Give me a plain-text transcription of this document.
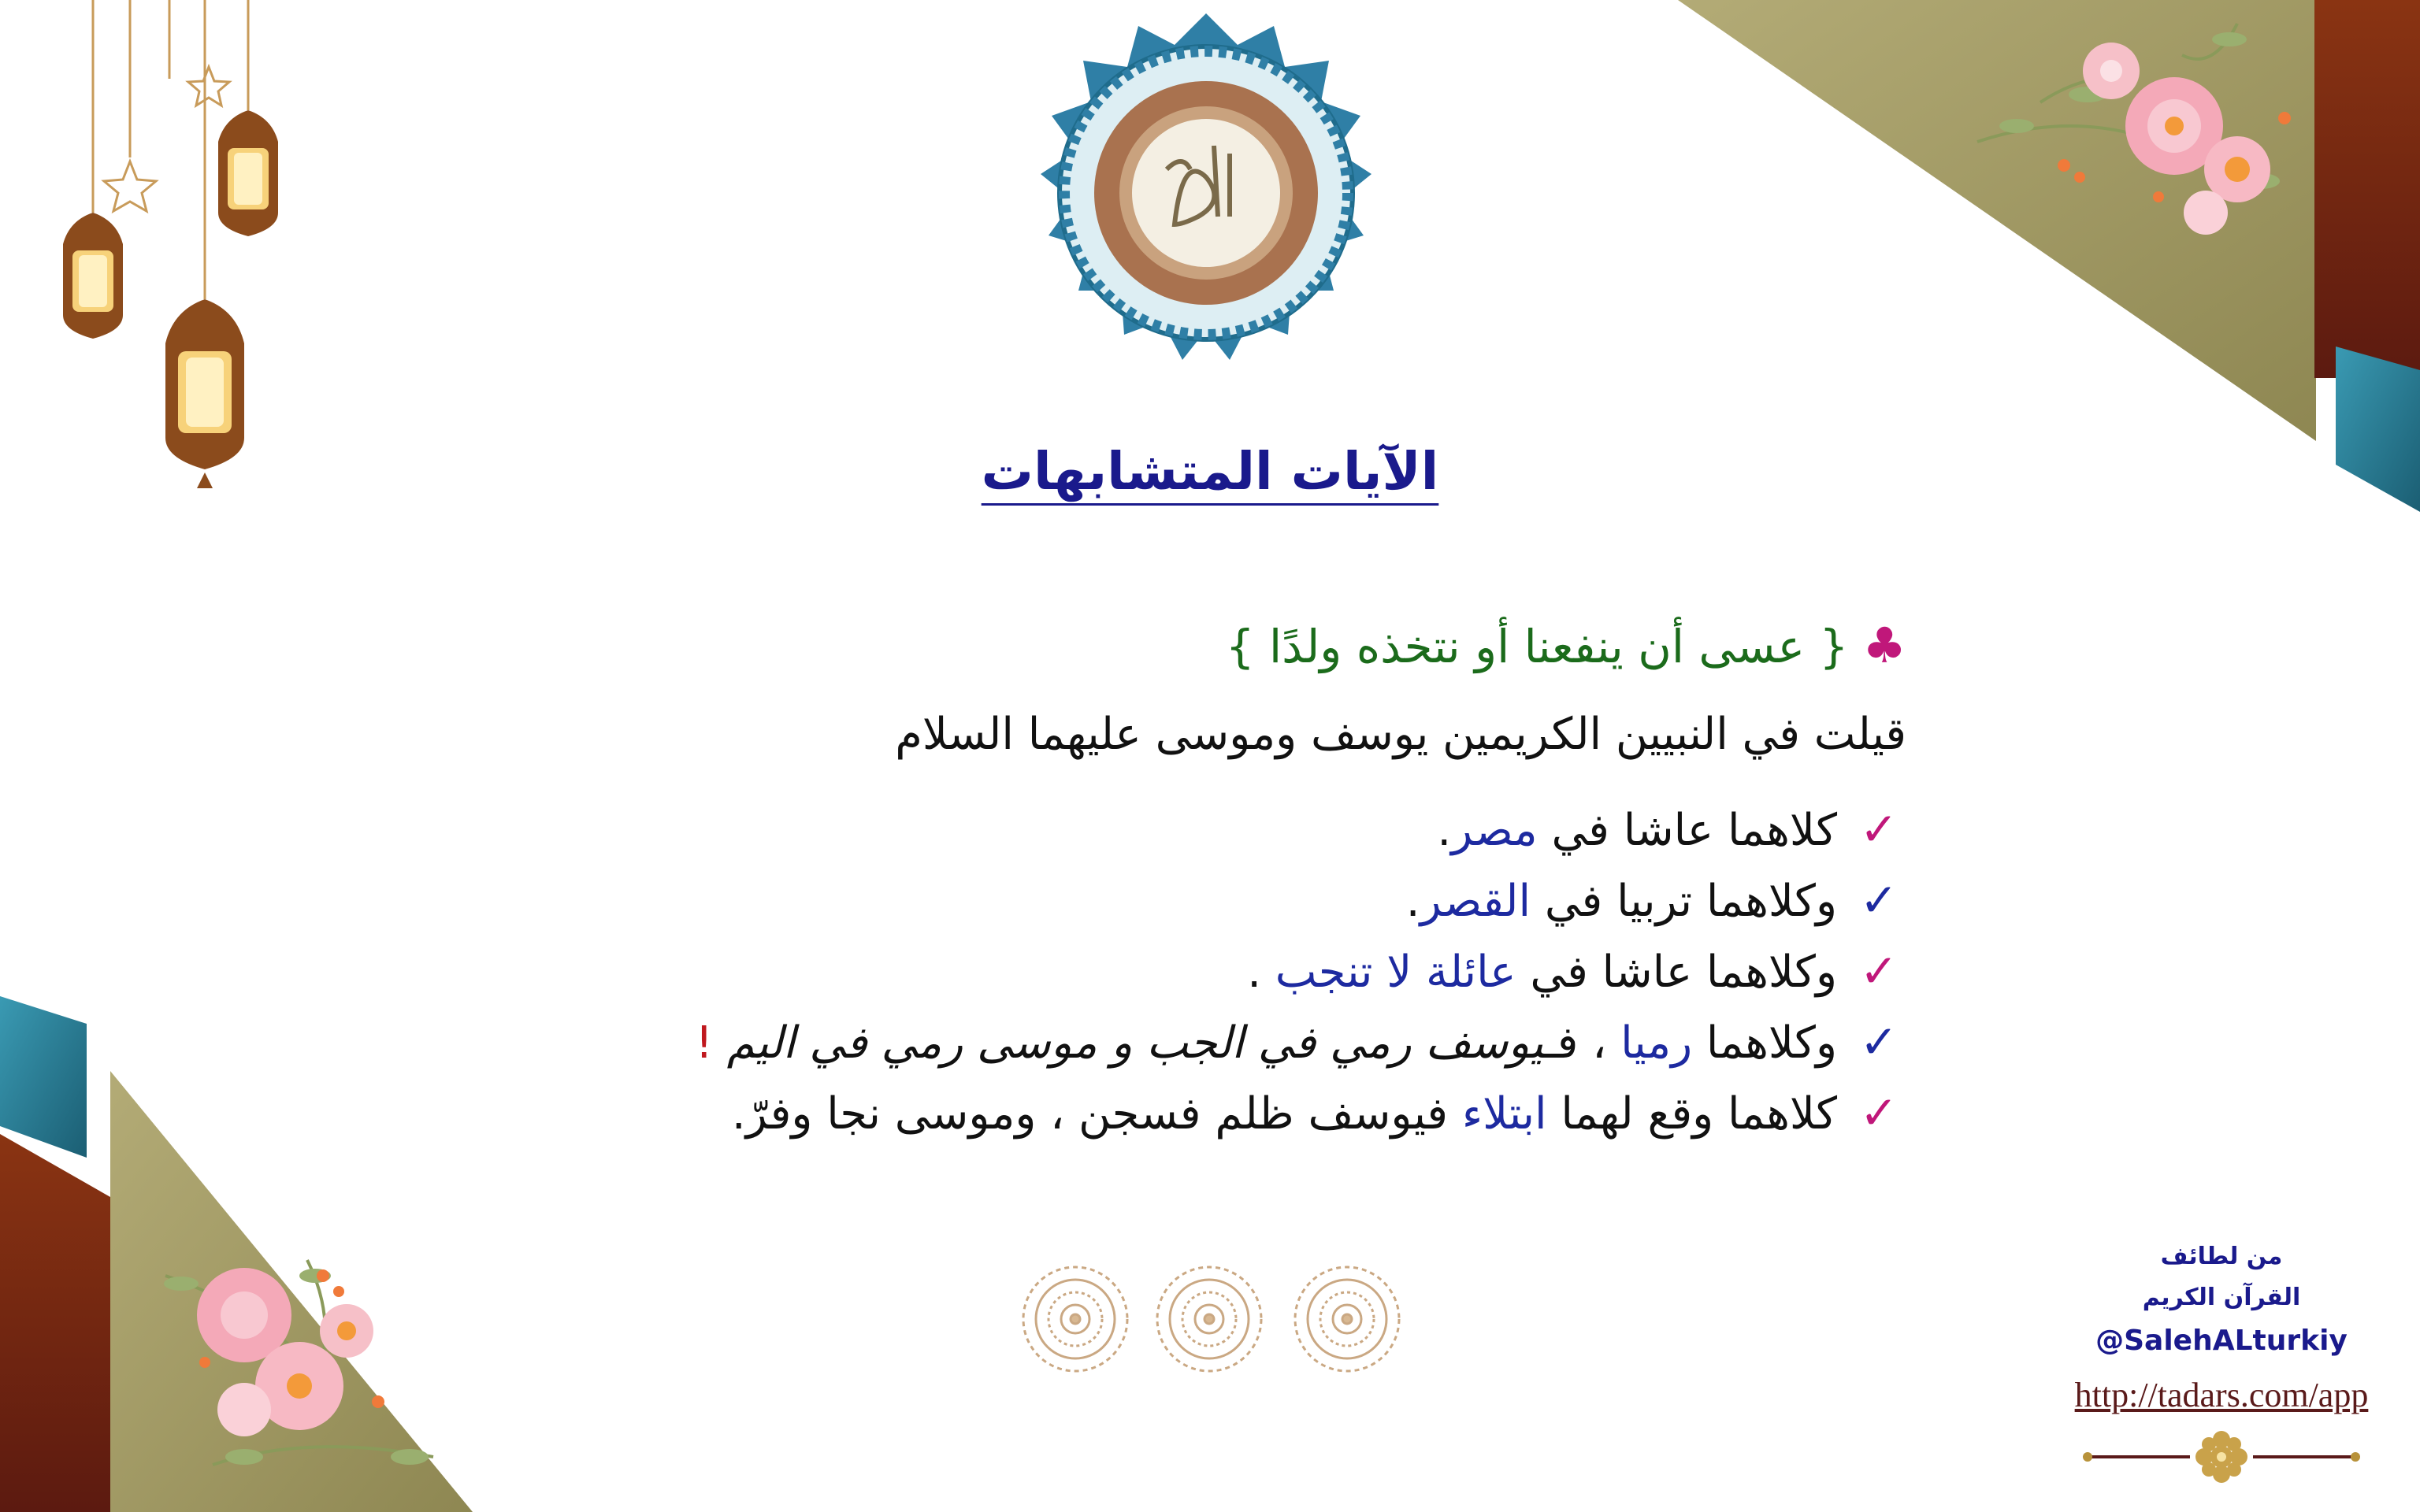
الآيات المتشابهات
♣{ عسى أن ينفعنا أو نتخذه ولدًا }
قيلت في النبيين الكريمين يوسف وموسى عليهما السلام
✓كلاهما عاشا في مصر.
✓وكلاهما تربيا في القصر.
✓وكلاهما عاشا في عائلة لا تنجب .
✓وكلاهما رميا ، فـيوسف رمي في الجب و موسى رمي في اليم !
✓كلاهما وقع لهما ابتلاء فيوسف ظلم فسجن ، وموسى نجا وفرّ.
من لطائف
القرآن الكريم
@SalehALturkiy
http://tadars.com/app
